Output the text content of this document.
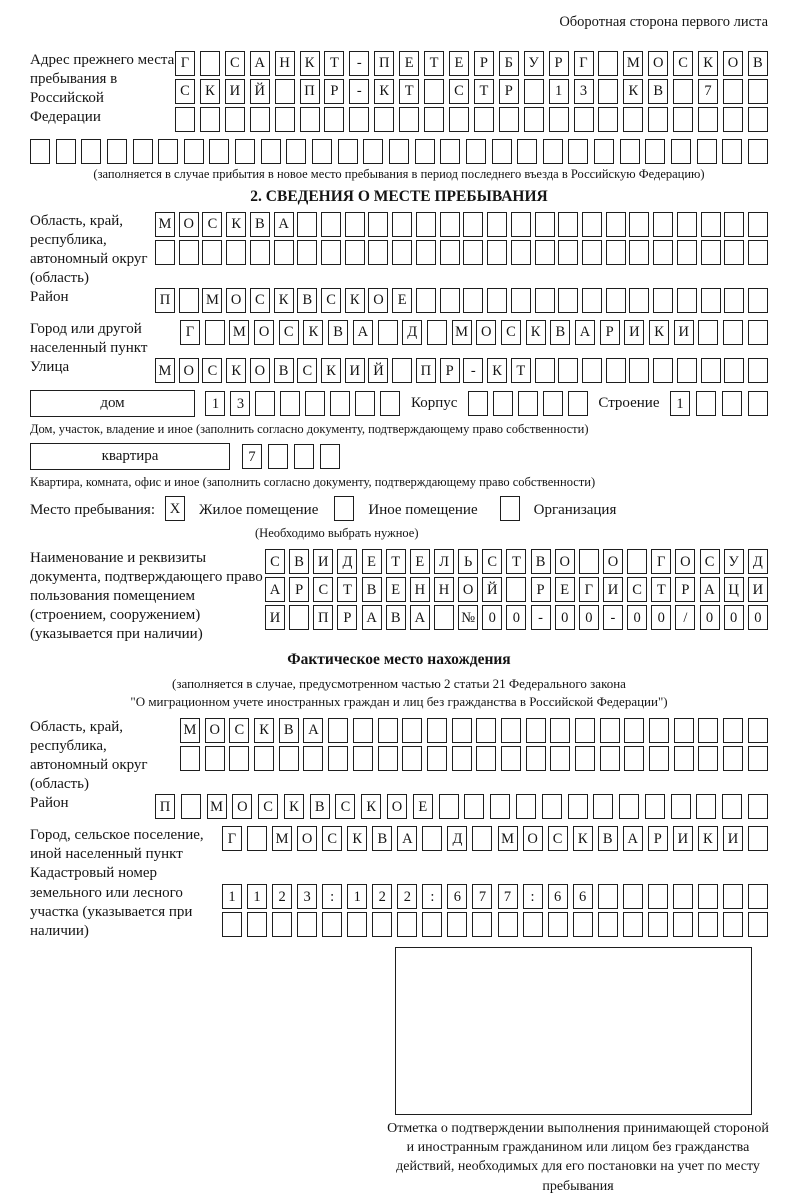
Оборотная сторона первого листа
Адрес прежнего места пребывания в Российской Федерации
Г	С	А Н	К	Т	-	П	Е	Т	Е	Р	Б	У	Р	Г	М О	С	К	О	В
С	К	И Й	П	Р	-	К	Т	С	Т	Р	1	3	К	В	7
(заполняется в случае прибытия в новое место пребывания в период последнего въезда в Российскую Федерацию)
2. СВЕДЕНИЯ О МЕСТЕ ПРЕБЫВАНИЯ
Область, край, республика, автономный округ (область)
М О С К В А
Район	П	М О С К В С К О Е
Город или другой населенный пункт
Г	М О	С	К	В	А	Д	М О	С	К	В	А	Р	И	К	И
Улица	М О С К О В С К И Й	П Р	-	К Т
дом	1	3	Корпус	Строение	1
Дом, участок, владение и иное (заполнить согласно документу, подтверждающему право собственности)
квартира	7
Квартира, комната, офис и иное (заполнить согласно документу, подтверждающему право собственности)
Место пребывания:	X	Жилое помещение	Иное помещение	Организация
(Необходимо выбрать нужное)
Наименование и реквизиты документа, подтверждающего право пользования помещением (строением, сооружением) (указывается при наличии)
С В И Д	Е	Т	Е	Л	Ь	С	Т	В О	О	Г	О С У Д
А	Р	С	Т	В	Е Н Н О Й	Р	Е	Г	И С	Т	Р	А Ц И
И	П	Р	А В А	№ 0	0	-	0	0	-	0	0	/	0	0	0
Фактическое место нахождения
(заполняется в случае, предусмотренном частью 2 статьи 21 Федерального закона
"О миграционном учете иностранных граждан и лиц без гражданства в Российской Федерации")
Область, край, республика, автономный округ (область)
М О	С	К	В	А
Район	П	М О	С	К	В	С	К	О	Е
Город, сельское поселение, иной населенный пункт
Г	М О	С	К	В	А	Д	М О	С	К	В	А	Р	И	К	И
Кадастровый номер земельного или лесного участка (указывается при наличии)
1	1	2	3	:	1	2	2	:	6	7	7	:	6	6
Отметка о подтверждении выполнения принимающей стороной и иностранным гражданином или лицом без гражданства действий, необходимых для его постановки на учет по месту пребывания
